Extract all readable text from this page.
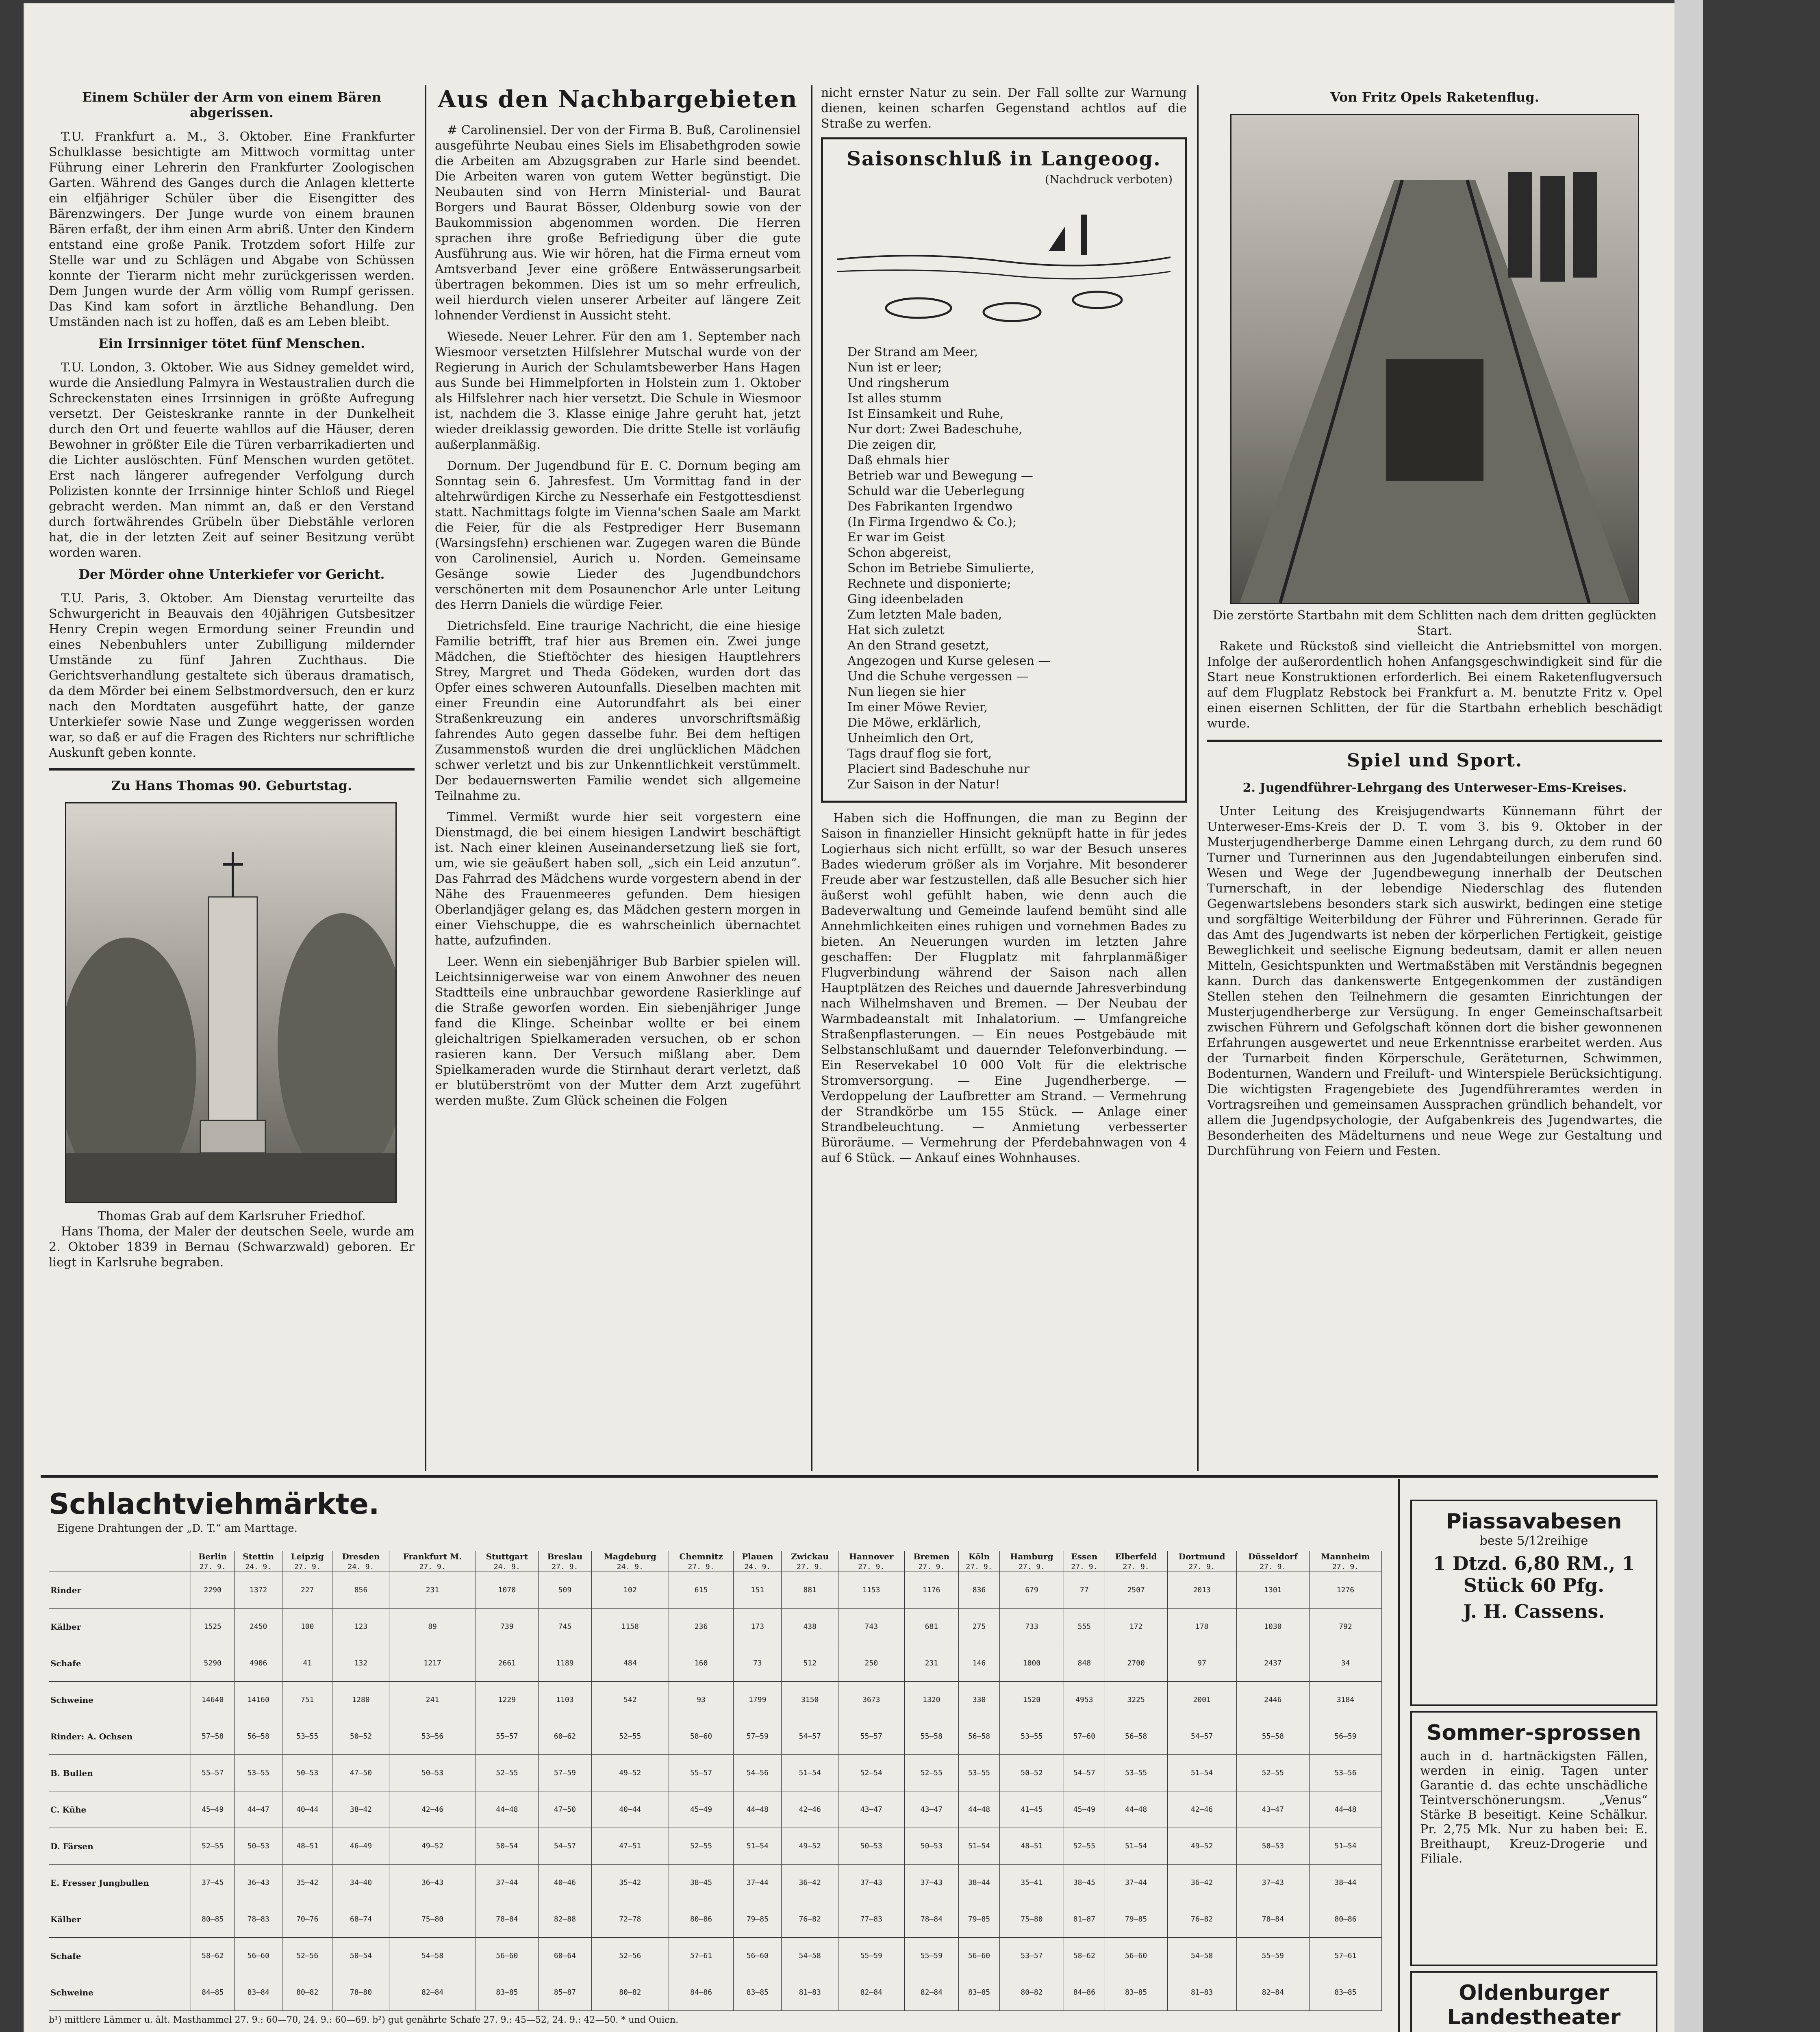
Einem Schüler der Arm von einem Bären abgerissen.

T.U. Frankfurt a. M., 3. Oktober. Eine Frankfurter Schulklasse besichtigte am Mittwoch vormittag unter Führung einer Lehrerin den Frankfurter Zoologischen Garten. Während des Ganges durch die Anlagen kletterte ein elfjähriger Schüler über die Eisengitter des Bärenzwingers. Der Junge wurde von einem braunen Bären erfaßt, der ihm einen Arm abriß. Unter den Kindern entstand eine große Panik. Trotzdem sofort Hilfe zur Stelle war und zu Schlägen und Abgabe von Schüssen konnte der Tierarm nicht mehr zurückgerissen werden. Dem Jungen wurde der Arm völlig vom Rumpf gerissen. Das Kind kam sofort in ärztliche Behandlung. Den Umständen nach ist zu hoffen, daß es am Leben bleibt.

Ein Irrsinniger tötet fünf Menschen.

T.U. London, 3. Oktober. Wie aus Sidney gemeldet wird, wurde die Ansiedlung Palmyra in Westaustralien durch die Schreckenstaten eines Irrsinnigen in größte Aufregung versetzt. Der Geisteskranke rannte in der Dunkelheit durch den Ort und feuerte wahllos auf die Häuser, deren Bewohner in größter Eile die Türen verbarrikadierten und die Lichter auslöschten. Fünf Menschen wurden getötet. Erst nach längerer aufregender Verfolgung durch Polizisten konnte der Irrsinnige hinter Schloß und Riegel gebracht werden. Man nimmt an, daß er den Verstand durch fortwährendes Grübeln über Diebstähle verloren hat, die in der letzten Zeit auf seiner Besitzung verübt worden waren.

Der Mörder ohne Unterkiefer vor Gericht.

T.U. Paris, 3. Oktober. Am Dienstag verurteilte das Schwurgericht in Beauvais den 40jährigen Gutsbesitzer Henry Crepin wegen Ermordung seiner Freundin und eines Nebenbuhlers unter Zubilligung mildernder Umstände zu fünf Jahren Zuchthaus. Die Gerichtsverhandlung gestaltete sich überaus dramatisch, da dem Mörder bei einem Selbstmordversuch, den er kurz nach den Mordtaten ausgeführt hatte, der ganze Unterkiefer sowie Nase und Zunge weggerissen worden war, so daß er auf die Fragen des Richters nur schriftliche Auskunft geben konnte.

Zu Hans Thomas 90. Geburtstag.
Thomas Grab auf dem Karlsruher Friedhof.

Hans Thoma, der Maler der deutschen Seele, wurde am 2. Oktober 1839 in Bernau (Schwarzwald) geboren. Er liegt in Karlsruhe begraben.

Aus den Nachbargebieten

# Carolinensiel. Der von der Firma B. Buß, Carolinensiel ausgeführte Neubau eines Siels im Elisabethgroden sowie die Arbeiten am Abzugsgraben zur Harle sind beendet. Die Arbeiten waren von gutem Wetter begünstigt. Die Neubauten sind von Herrn Ministerial- und Baurat Borgers und Baurat Bösser, Oldenburg sowie von der Baukommission abgenommen worden. Die Herren sprachen ihre große Befriedigung über die gute Ausführung aus. Wie wir hören, hat die Firma erneut vom Amtsverband Jever eine größere Entwässerungsarbeit übertragen bekommen. Dies ist um so mehr erfreulich, weil hierdurch vielen unserer Arbeiter auf längere Zeit lohnender Verdienst in Aussicht steht.

Wiesede. Neuer Lehrer. Für den am 1. September nach Wiesmoor versetzten Hilfslehrer Mutschal wurde von der Regierung in Aurich der Schulamtsbewerber Hans Hagen aus Sunde bei Himmelpforten in Holstein zum 1. Oktober als Hilfslehrer nach hier versetzt. Die Schule in Wiesmoor ist, nachdem die 3. Klasse einige Jahre geruht hat, jetzt wieder dreiklassig geworden. Die dritte Stelle ist vorläufig außerplanmäßig.

Dornum. Der Jugendbund für E. C. Dornum beging am Sonntag sein 6. Jahresfest. Um Vormittag fand in der altehrwürdigen Kirche zu Nesserhafe ein Festgottesdienst statt. Nachmittags folgte im Vienna'schen Saale am Markt die Feier, für die als Festprediger Herr Busemann (Warsingsfehn) erschienen war. Zugegen waren die Bünde von Carolinensiel, Aurich u. Norden. Gemeinsame Gesänge sowie Lieder des Jugendbundchors verschönerten mit dem Posaunenchor Arle unter Leitung des Herrn Daniels die würdige Feier.

Dietrichsfeld. Eine traurige Nachricht, die eine hiesige Familie betrifft, traf hier aus Bremen ein. Zwei junge Mädchen, die Stieftöchter des hiesigen Hauptlehrers Strey, Margret und Theda Gödeken, wurden dort das Opfer eines schweren Autounfalls. Dieselben machten mit einer Freundin eine Autorundfahrt als bei einer Straßenkreuzung ein anderes unvorschriftsmäßig fahrendes Auto gegen dasselbe fuhr. Bei dem heftigen Zusammenstoß wurden die drei unglücklichen Mädchen schwer verletzt und bis zur Unkenntlichkeit verstümmelt. Der bedauernswerten Familie wendet sich allgemeine Teilnahme zu.

Timmel. Vermißt wurde hier seit vorgestern eine Dienstmagd, die bei einem hiesigen Landwirt beschäftigt ist. Nach einer kleinen Auseinandersetzung ließ sie fort, um, wie sie geäußert haben soll, „sich ein Leid anzutun“. Das Fahrrad des Mädchens wurde vorgestern abend in der Nähe des Frauenmeeres gefunden. Dem hiesigen Oberlandjäger gelang es, das Mädchen gestern morgen in einer Viehschuppe, die es wahrscheinlich übernachtet hatte, aufzufinden.

Leer. Wenn ein siebenjähriger Bub Barbier spielen will. Leichtsinnigerweise war von einem Anwohner des neuen Stadtteils eine unbrauchbar gewordene Rasierklinge auf die Straße geworfen worden. Ein siebenjähriger Junge fand die Klinge. Scheinbar wollte er bei einem gleichaltrigen Spielkameraden versuchen, ob er schon rasieren kann. Der Versuch mißlang aber. Dem Spielkameraden wurde die Stirnhaut derart verletzt, daß er blutüberströmt von der Mutter dem Arzt zugeführt werden mußte. Zum Glück scheinen die Folgen

nicht ernster Natur zu sein. Der Fall sollte zur Warnung dienen, keinen scharfen Gegenstand achtlos auf die Straße zu werfen.

Saisonschluß in Langeoog.
(Nachdruck verboten)
Der Strand am Meer,
Nun ist er leer;
Und ringsherum
Ist alles stumm
Ist Einsamkeit und Ruhe,
Nur dort: Zwei Badeschuhe,
Die zeigen dir,
Daß ehmals hier
Betrieb war und Bewegung —
Schuld war die Ueberlegung
Des Fabrikanten Irgendwo
(In Firma Irgendwo & Co.);
Er war im Geist
Schon abgereist,
Schon im Betriebe Simulierte,
Rechnete und disponierte;
Ging ideenbeladen
Zum letzten Male baden,
Hat sich zuletzt
An den Strand gesetzt,
Angezogen und Kurse gelesen —
Und die Schuhe vergessen —
Nun liegen sie hier
Im einer Möwe Revier,
Die Möwe, erklärlich,
Unheimlich den Ort,
Tags drauf flog sie fort,
Placiert sind Badeschuhe nur
Zur Saison in der Natur!

Haben sich die Hoffnungen, die man zu Beginn der Saison in finanzieller Hinsicht geknüpft hatte in für jedes Logierhaus sich nicht erfüllt, so war der Besuch unseres Bades wiederum größer als im Vorjahre. Mit besonderer Freude aber war festzustellen, daß alle Besucher sich hier äußerst wohl gefühlt haben, wie denn auch die Badeverwaltung und Gemeinde laufend bemüht sind alle Annehmlichkeiten eines ruhigen und vornehmen Bades zu bieten. An Neuerungen wurden im letzten Jahre geschaffen: Der Flugplatz mit fahrplanmäßiger Flugverbindung während der Saison nach allen Hauptplätzen des Reiches und dauernde Jahresverbindung nach Wilhelmshaven und Bremen. — Der Neubau der Warmbadeanstalt mit Inhalatorium. — Umfangreiche Straßenpflasterungen. — Ein neues Postgebäude mit Selbstanschlußamt und dauernder Telefonverbindung. — Ein Reservekabel 10 000 Volt für die elektrische Stromversorgung. — Eine Jugendherberge. — Verdoppelung der Laufbretter am Strand. — Vermehrung der Strandkörbe um 155 Stück. — Anlage einer Strandbeleuchtung. — Anmietung verbesserter Büroräume. — Vermehrung der Pferdebahnwagen von 4 auf 6 Stück. — Ankauf eines Wohnhauses.

Von Fritz Opels Raketenflug.
Die zerstörte Startbahn mit dem Schlitten nach dem dritten geglückten Start.

Rakete und Rückstoß sind vielleicht die Antriebsmittel von morgen. Infolge der außerordentlich hohen Anfangsgeschwindigkeit sind für die Start neue Konstruktionen erforderlich. Bei einem Raketenflugversuch auf dem Flugplatz Rebstock bei Frankfurt a. M. benutzte Fritz v. Opel einen eisernen Schlitten, der für die Startbahn erheblich beschädigt wurde.

Spiel und Sport.
2. Jugendführer-Lehrgang des Unterweser-Ems-Kreises.

Unter Leitung des Kreisjugendwarts Künnemann führt der Unterweser-Ems-Kreis der D. T. vom 3. bis 9. Oktober in der Musterjugendherberge Damme einen Lehrgang durch, zu dem rund 60 Turner und Turnerinnen aus den Jugendabteilungen einberufen sind. Wesen und Wege der Jugendbewegung innerhalb der Deutschen Turnerschaft, in der lebendige Niederschlag des flutenden Gegenwartslebens besonders stark sich auswirkt, bedingen eine stetige und sorgfältige Weiterbildung der Führer und Führerinnen. Gerade für das Amt des Jugendwarts ist neben der körperlichen Fertigkeit, geistige Beweglichkeit und seelische Eignung bedeutsam, damit er allen neuen Mitteln, Gesichtspunkten und Wertmaßstäben mit Verständnis begegnen kann. Durch das dankenswerte Entgegenkommen der zuständigen Stellen stehen den Teilnehmern die gesamten Einrichtungen der Musterjugendherberge zur Versügung. In enger Gemeinschaftsarbeit zwischen Führern und Gefolgschaft können dort die bisher gewonnenen Erfahrungen ausgewertet und neue Erkenntnisse erarbeitet werden. Aus der Turnarbeit finden Körperschule, Geräteturnen, Schwimmen, Bodenturnen, Wandern und Freiluft- und Winterspiele Berücksichtigung. Die wichtigsten Fragengebiete des Jugendführeramtes werden in Vortragsreihen und gemeinsamen Aussprachen gründlich behandelt, vor allem die Jugendpsychologie, der Aufgabenkreis des Jugendwartes, die Besonderheiten des Mädelturnens und neue Wege zur Gestaltung und Durchführung von Feiern und Festen.

Schlachtviehmärkte.
Eigene Drahtungen der „D. T.“ am Marttage.
	Berlin	Stettin	Leipzig	Dresden	Frankfurt M.	Stuttgart	Breslau	Magdeburg	Chemnitz	Plauen	Zwickau	Hannover	Bremen	Köln	Hamburg	Essen	Elberfeld	Dortmund	Düsseldorf	Mannheim
	27. 9.	24. 9.	27. 9.	24. 9.	27. 9.	24. 9.	27. 9.	24. 9.	27. 9.	24. 9.	27. 9.	27. 9.	27. 9.	27. 9.	27. 9.	27. 9.	27. 9.	27. 9.	27. 9.	27. 9.
Rinder	2290	1372	227	856	231	1070	509	102	615	151	881	1153	1176	836	679	77	2507	2013	1301	1276
Kälber	1525	2450	100	123	89	739	745	1158	236	173	438	743	681	275	733	555	172	178	1030	792
Schafe	5290	4906	41	132	1217	2661	1189	484	160	73	512	250	231	146	1000	848	2700	97	2437	34
Schweine	14640	14160	751	1280	241	1229	1103	542	93	1799	3150	3673	1320	330	1520	4953	3225	2001	2446	3184
Rinder: A. Ochsen	57—58	56—58	53—55	50—52	53—56	55—57	60—62	52—55	58—60	57—59	54—57	55—57	55—58	56—58	53—55	57—60	56—58	54—57	55—58	56—59
B. Bullen	55—57	53—55	50—53	47—50	50—53	52—55	57—59	49—52	55—57	54—56	51—54	52—54	52—55	53—55	50—52	54—57	53—55	51—54	52—55	53—56
C. Kühe	45—49	44—47	40—44	38—42	42—46	44—48	47—50	40—44	45—49	44—48	42—46	43—47	43—47	44—48	41—45	45—49	44—48	42—46	43—47	44—48
D. Färsen	52—55	50—53	48—51	46—49	49—52	50—54	54—57	47—51	52—55	51—54	49—52	50—53	50—53	51—54	48—51	52—55	51—54	49—52	50—53	51—54
E. Fresser Jungbullen	37—45	36—43	35—42	34—40	36—43	37—44	40—46	35—42	38—45	37—44	36—42	37—43	37—43	38—44	35—41	38—45	37—44	36—42	37—43	38—44
Kälber	80—85	78—83	70—76	68—74	75—80	78—84	82—88	72—78	80—86	79—85	76—82	77—83	78—84	79—85	75—80	81—87	79—85	76—82	78—84	80—86
Schafe	58—62	56—60	52—56	50—54	54—58	56—60	60—64	52—56	57—61	56—60	54—58	55—59	55—59	56—60	53—57	58—62	56—60	54—58	55—59	57—61
Schweine	84—85	83—84	80—82	78—80	82—84	83—85	85—87	80—82	84—86	83—85	81—83	82—84	82—84	83—85	80—82	84—86	83—85	81—83	82—84	83—85
b¹) mittlere Lämmer u. ält. Masthammel 27. 9.: 60—70, 24. 9.: 60—69. b²) gut genährte Schafe 27. 9.: 45—52, 24. 9.: 42—50. * und Ouien.
Piassavabesen
beste 5/12reihige
1 Dtzd. 6,80 RM., 1 Stück 60 Pfg.
J. H. Cassens.
Sommer-sprossen
auch in d. hartnäckigsten Fällen, werden in einig. Tagen unter Garantie d. das echte unschädliche Teintverschönerungsm. „Venus“ Stärke B beseitigt. Keine Schälkur. Pr. 2,75 Mk. Nur zu haben bei: E. Breithaupt, Kreuz-Drogerie und Filiale.
Oldenburger Landestheater
